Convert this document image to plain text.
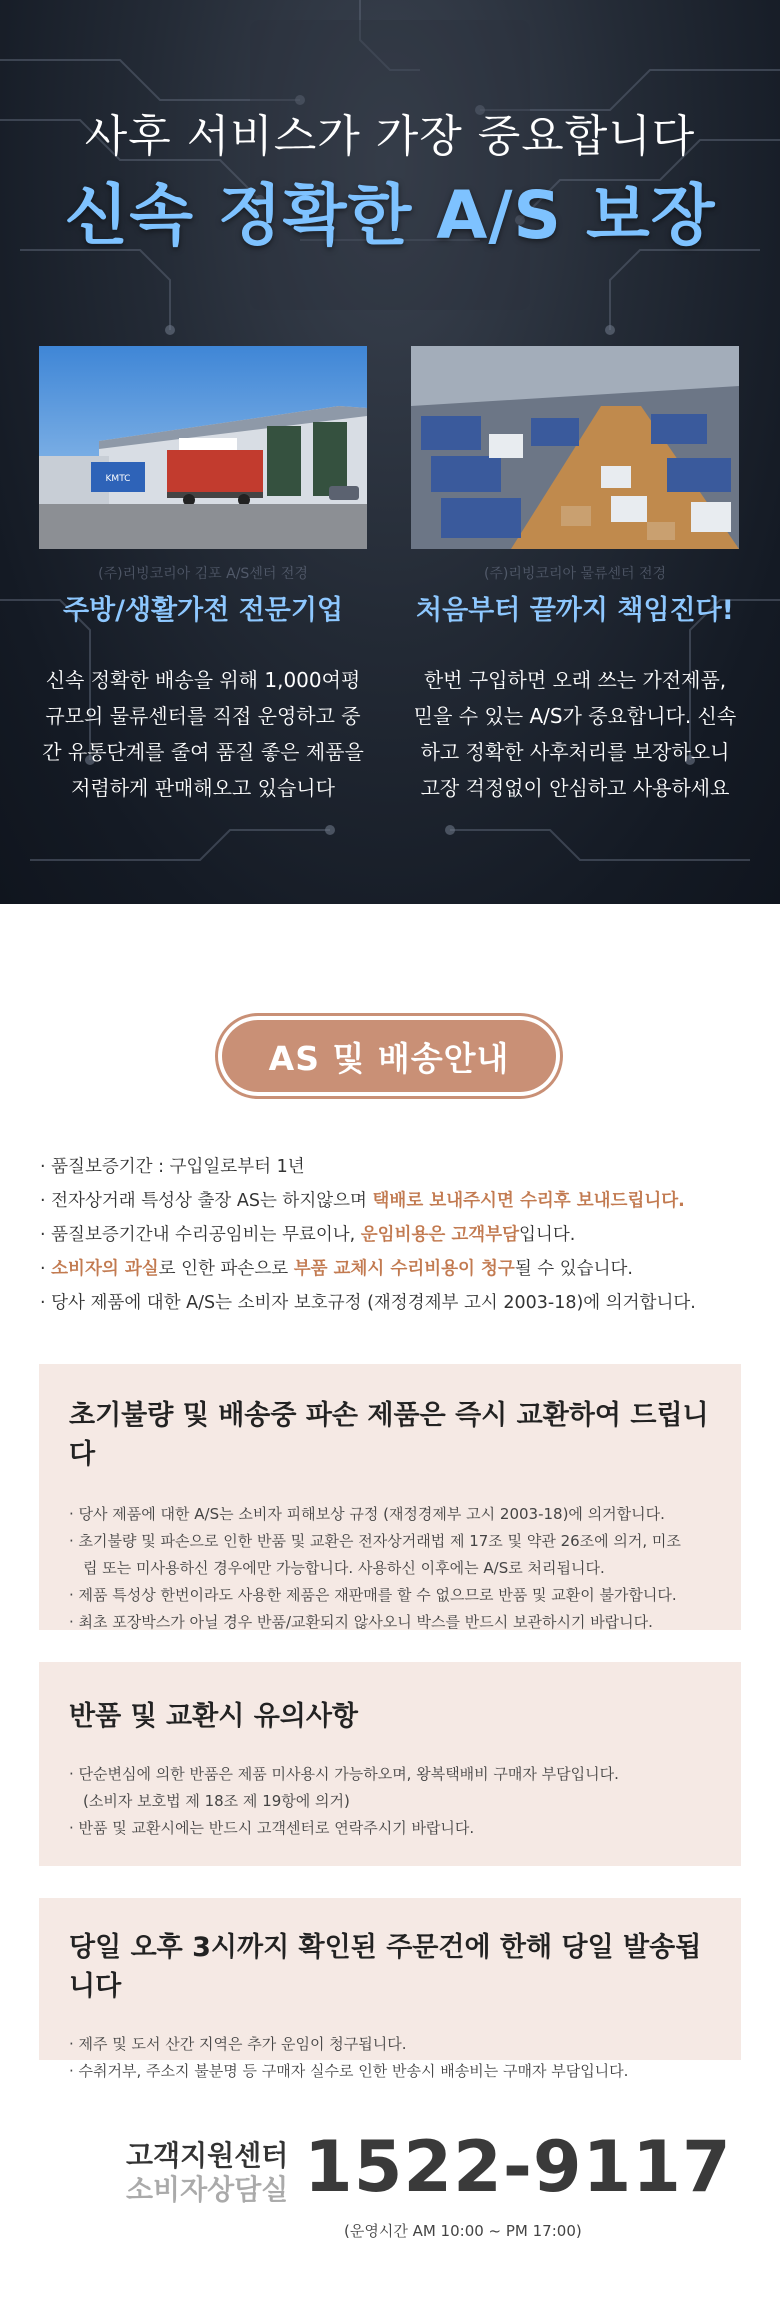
사후 서비스가 가장 중요합니다
신속 정확한 A/S 보장
KMTC
(주)리빙코리아 김포 A/S센터 전경	(주)리빙코리아 물류센터 전경
주방/생활가전 전문기업	처음부터 끝까지 책임진다!
신속 정확한 배송을 위해 1,000여평
규모의 물류센터를 직접 운영하고 중
간 유통단계를 줄여 품질 좋은 제품을
저렴하게 판매해오고 있습니다
한번 구입하면 오래 쓰는 가전제품,
믿을 수 있는 A/S가 중요합니다. 신속
하고 정확한 사후처리를 보장하오니
고장 걱정없이 안심하고 사용하세요
AS 및 배송안내
· 품질보증기간 : 구입일로부터 1년
· 전자상거래 특성상 출장 AS는 하지않으며 택배로 보내주시면 수리후 보내드립니다.
· 품질보증기간내 수리공임비는 무료이나, 운임비용은 고객부담입니다.
· 소비자의 과실로 인한 파손으로 부품 교체시 수리비용이 청구될 수 있습니다.
· 당사 제품에 대한 A/S는 소비자 보호규정 (재정경제부 고시 2003-18)에 의거합니다.
초기불량 및 배송중 파손 제품은 즉시 교환하여 드립니다
· 당사 제품에 대한 A/S는 소비자 피해보상 규정 (재정경제부 고시 2003-18)에 의거합니다.
· 초기불량 및 파손으로 인한 반품 및 교환은 전자상거래법 제 17조 및 약관 26조에 의거, 미조
립 또는 미사용하신 경우에만 가능합니다. 사용하신 이후에는 A/S로 처리됩니다.
· 제품 특성상 한번이라도 사용한 제품은 재판매를 할 수 없으므로 반품 및 교환이 불가합니다.
· 최초 포장박스가 아닐 경우 반품/교환되지 않사오니 박스를 반드시 보관하시기 바랍니다.
반품 및 교환시 유의사항
· 단순변심에 의한 반품은 제품 미사용시 가능하오며, 왕복택배비 구매자 부담입니다.
(소비자 보호법 제 18조 제 19항에 의거)
· 반품 및 교환시에는 반드시 고객센터로 연락주시기 바랍니다.
당일 오후 3시까지 확인된 주문건에 한해 당일 발송됩니다
· 제주 및 도서 산간 지역은 추가 운임이 청구됩니다.
· 수취거부, 주소지 불분명 등 구매자 실수로 인한 반송시 배송비는 구매자 부담입니다.
고객지원센터
소비자상담실 1522-9117
(운영시간 AM 10:00 ~ PM 17:00)
